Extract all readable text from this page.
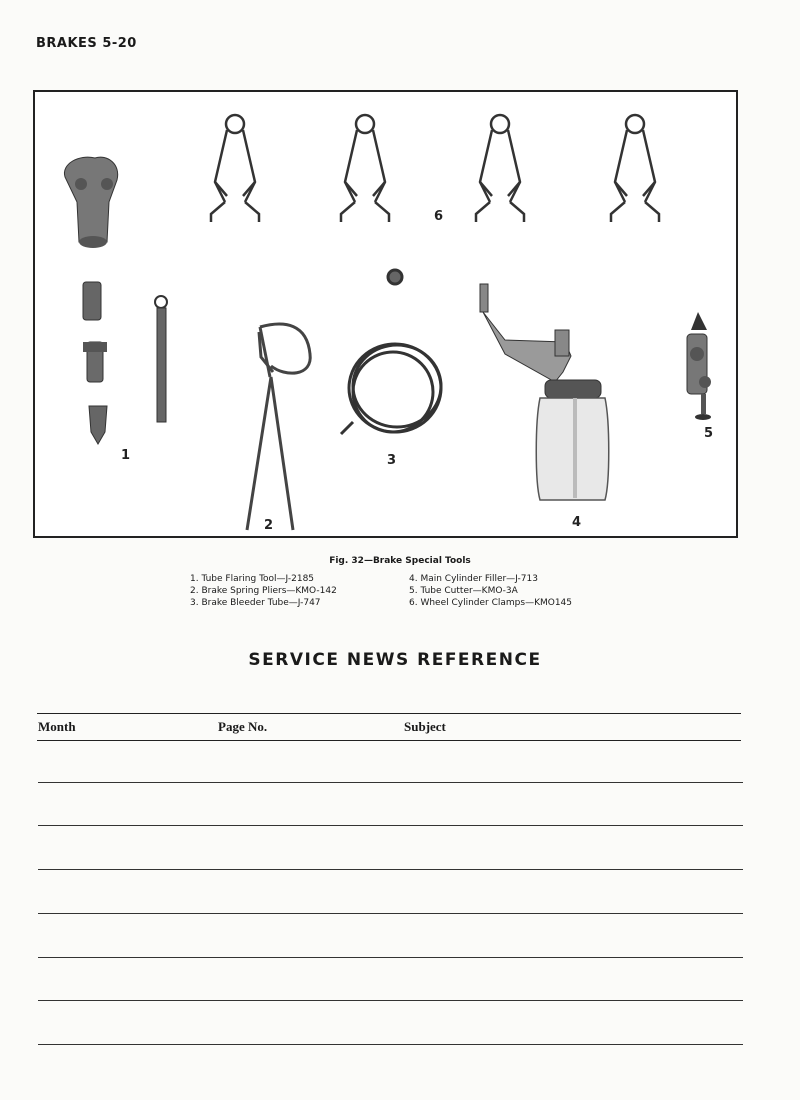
BRAKES 5-20
1
2
3
4
5
6
Fig. 32—Brake Special Tools
1. Tube Flaring Tool—J-2185
2. Brake Spring Pliers—KMO-142
3. Brake Bleeder Tube—J-747
4. Main Cylinder Filler—J-713
5. Tube Cutter—KMO-3A
6. Wheel Cylinder Clamps—KMO145
SERVICE NEWS REFERENCE
Month	Page No.	Subject
